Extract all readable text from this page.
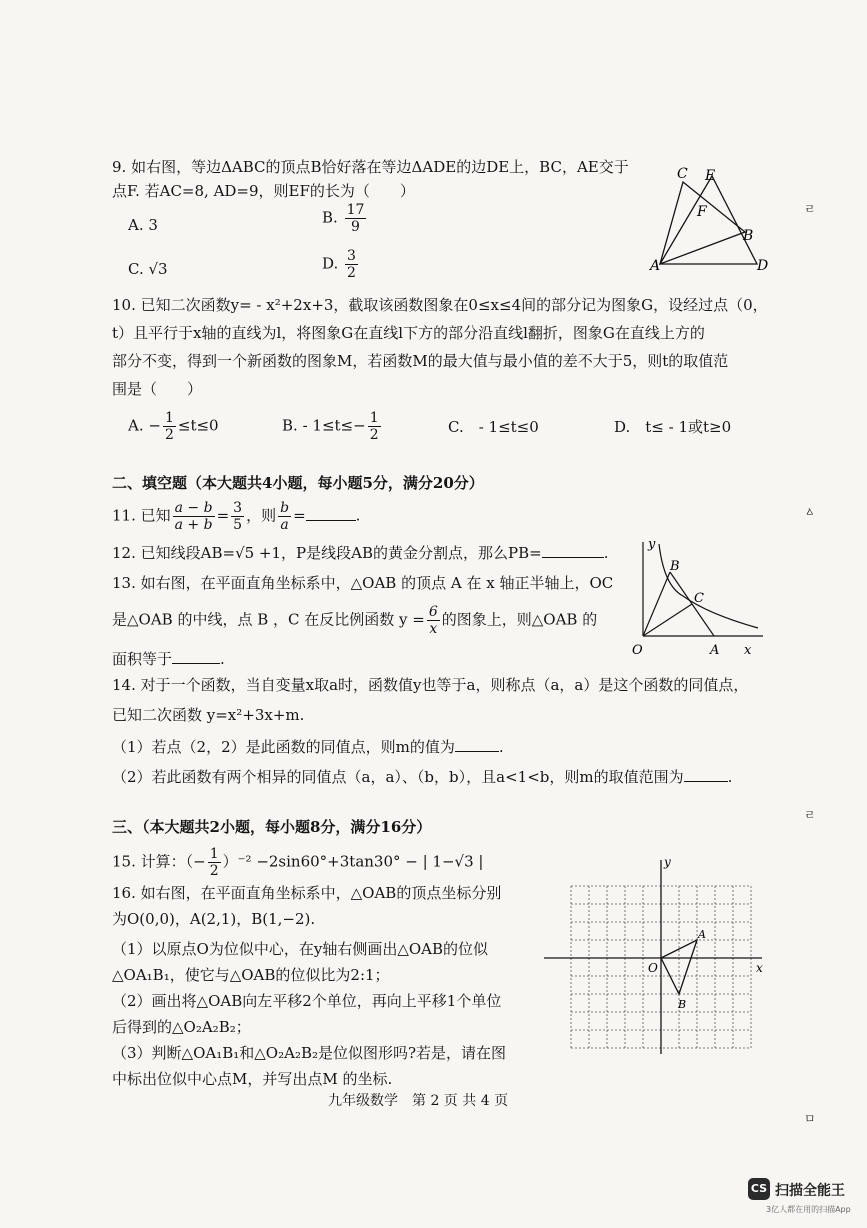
9. 如右图，等边ΔABC的顶点B恰好落在等边ΔADE的边DE上，BC，AE交于
点F. 若AC=8, AD=9，则EF的长为（　　）
A. 3	B. $\frac{17}{9}$
C. √3	D. $\frac{3}{2}$
C E
F
B
A	D
10. 已知二次函数y= - x²+2x+3，截取该函数图象在0≤x≤4间的部分记为图象G，设经过点（0，
t）且平行于x轴的直线为l，将图象G在直线l下方的部分沿直线l翻折，图象G在直线上方的
部分不变，得到一个新函数的图象M，若函数M的最大值与最小值的差不大于5，则t的取值范
围是（　　）
A. − $\frac{1}{2} \le t\le 0$	B. - $1\le t\le- \frac{1}{2}$	C.　- 1≤t≤0	D.　t≤ - 1或t≥0
二、填空题（本大题共4小题，每小题5分，满分20分）
11. 已知 $\frac{a - b}{a + b} = \frac{3}{5}$ ，则 $\frac{b}{a}$ =	.
12. 已知线段AB=√5 +1，P是线段AB的黄金分割点，那么PB=	.
13. 如右图，在平面直角坐标系中，△OAB 的顶点 A 在 x 轴正半轴上，OC
是△OAB 的中线，点 B ，C 在反比例函数 $y = \frac{6}{x}$ 的图象上，则△OAB 的
面积等于	.
y
B
C
O	A x
14. 对于一个函数，当自变量x取a时，函数值y也等于a，则称点（a，a）是这个函数的同值点，
已知二次函数 y=x²+3x+m.
（1）若点（2，2）是此函数的同值点，则m的值为	.
（2）若此函数有两个相异的同值点（a，a）、（b，b），且a<1<b，则m的取值范围为	.
三、（本大题共2小题，每小题8分，满分16分）
15. 计算：（− $\frac{1}{2} )^{-2} -2\sin 60^\circ+3\tan 30^\circ$ − | 1−√3 |
16. 如右图，在平面直角坐标系中，△OAB的顶点坐标分别
为O(0,0)，A(2,1)，B(1,−2).
（1）以原点O为位似中心，在y轴右侧画出△OAB的位似
△OA₁B₁，使它与△OAB的位似比为2:1；
（2）画出将△OAB向左平移2个单位，再向上平移1个单位
后得到的△O₂A₂B₂；
（3）判断△OA₁B₁和△O₂A₂B₂是位似图形吗?若是，请在图
中标出位似中心点M，并写出点M 的坐标.
y
x
O
A
B
九年级数学　第 2 页 共 4 页
ㄹ
ㅿ
ㄹ
ㅁ
CS 扫描全能王
3亿人都在用的扫描App
